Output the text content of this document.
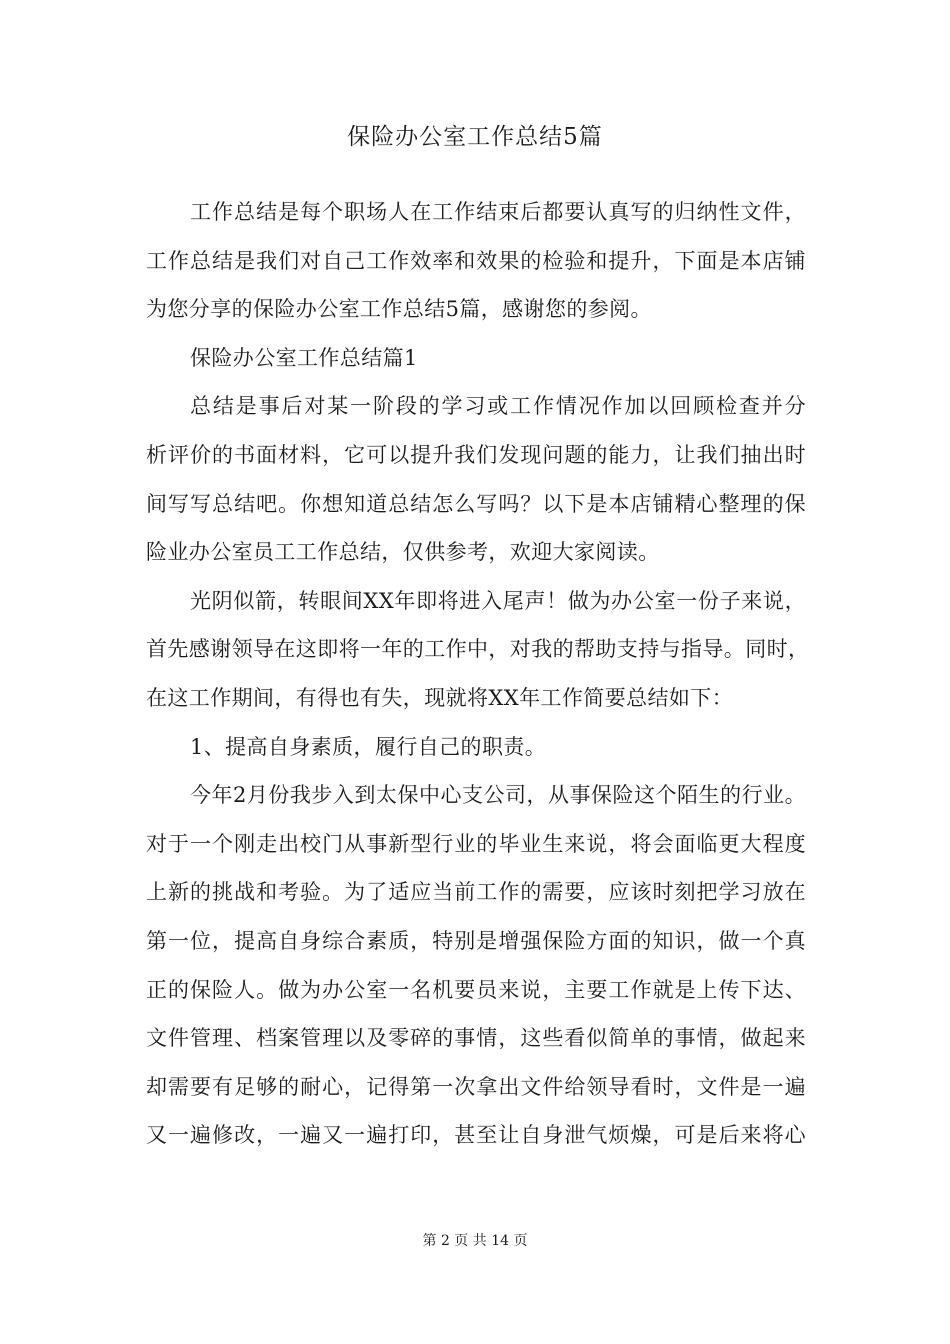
保险办公室工作总结5篇
工作总结是每个职场人在工作结束后都要认真写的归纳性文件，
工作总结是我们对自己工作效率和效果的检验和提升，下面是本店铺
为您分享的保险办公室工作总结5篇，感谢您的参阅。
保险办公室工作总结篇1
总结是事后对某一阶段的学习或工作情况作加以回顾检查并分
析评价的书面材料，它可以提升我们发现问题的能力，让我们抽出时
间写写总结吧。你想知道总结怎么写吗？以下是本店铺精心整理的保
险业办公室员工工作总结，仅供参考，欢迎大家阅读。
光阴似箭，转眼间XX年即将进入尾声！做为办公室一份子来说，
首先感谢领导在这即将一年的工作中，对我的帮助支持与指导。同时，
在这工作期间，有得也有失，现就将XX年工作简要总结如下：
1、提高自身素质，履行自己的职责。
今年2月份我步入到太保中心支公司，从事保险这个陌生的行业。
对于一个刚走出校门从事新型行业的毕业生来说，将会面临更大程度
上新的挑战和考验。为了适应当前工作的需要，应该时刻把学习放在
第一位，提高自身综合素质，特别是增强保险方面的知识，做一个真
正的保险人。做为办公室一名机要员来说，主要工作就是上传下达、
文件管理、档案管理以及零碎的事情，这些看似简单的事情，做起来
却需要有足够的耐心，记得第一次拿出文件给领导看时，文件是一遍
又一遍修改，一遍又一遍打印，甚至让自身泄气烦燥，可是后来将心
第 2 页 共 14 页
